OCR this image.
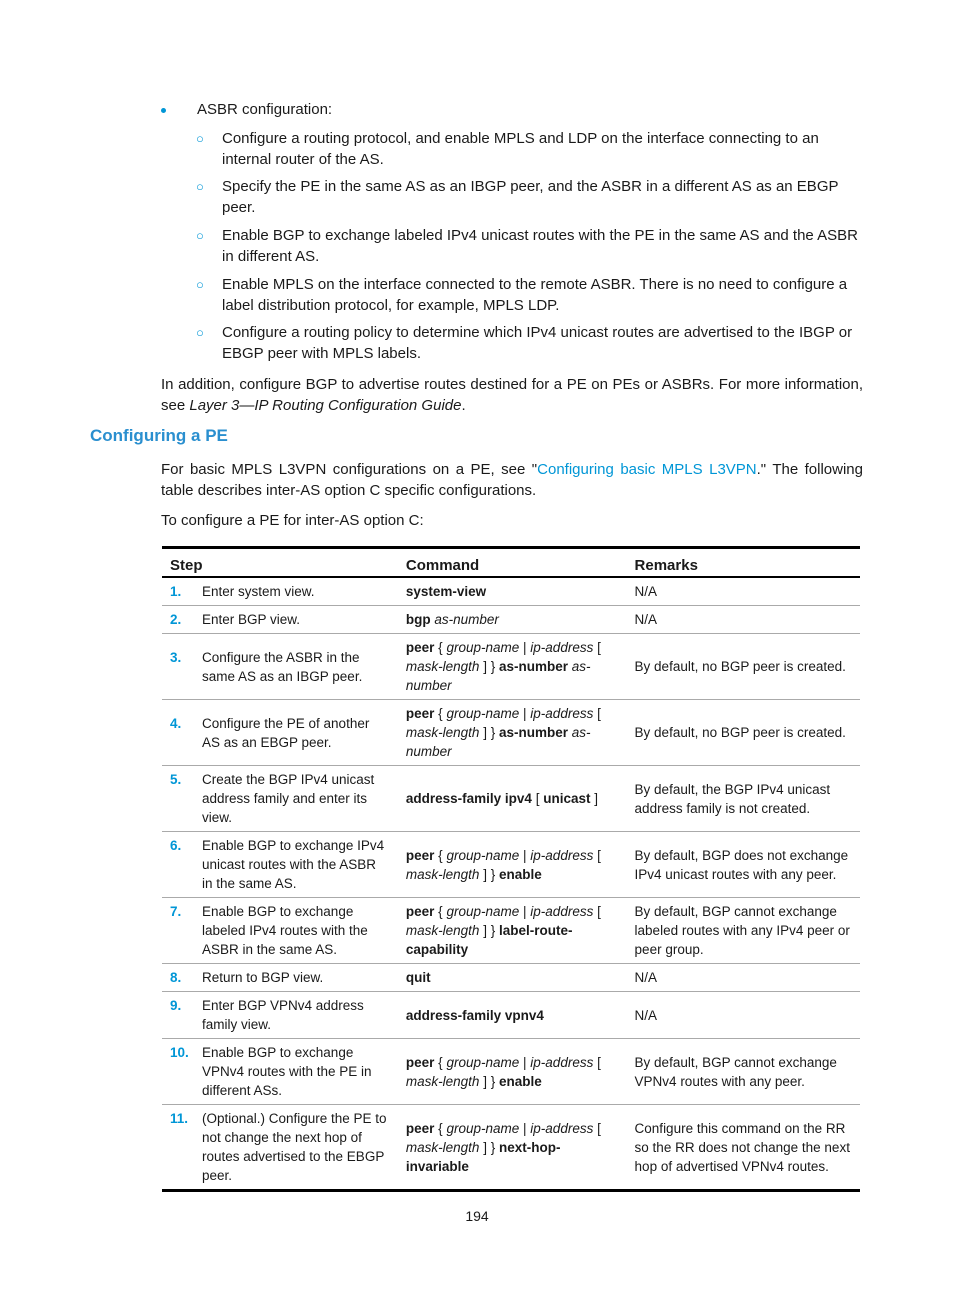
ASBR configuration:
○ Configure a routing protocol, and enable MPLS and LDP on the interface connecting to an internal router of the AS.
○ Specify the PE in the same AS as an IBGP peer, and the ASBR in a different AS as an EBGP peer.
○ Enable BGP to exchange labeled IPv4 unicast routes with the PE in the same AS and the ASBR in different AS.
○ Enable MPLS on the interface connected to the remote ASBR. There is no need to configure a label distribution protocol, for example, MPLS LDP.
○ Configure a routing policy to determine which IPv4 unicast routes are advertised to the IBGP or EBGP peer with MPLS labels.
In addition, configure BGP to advertise routes destined for a PE on PEs or ASBRs. For more information, see Layer 3—IP Routing Configuration Guide.
Configuring a PE
For basic MPLS L3VPN configurations on a PE, see "Configuring basic MPLS L3VPN." The following table describes inter-AS option C specific configurations.
To configure a PE for inter-AS option C:
Step		Command	Remarks
1.	Enter system view.	system-view	N/A
2.	Enter BGP view.	bgp as-number	N/A
3.	Configure the ASBR in the same AS as an IBGP peer.	peer { group-name | ip-address [ mask-length ] } as-number as-number	By default, no BGP peer is created.
4.	Configure the PE of another AS as an EBGP peer.	peer { group-name | ip-address [ mask-length ] } as-number as-number	By default, no BGP peer is created.
5.	Create the BGP IPv4 unicast address family and enter its view.	address-family ipv4 [ unicast ]	By default, the BGP IPv4 unicast address family is not created.
6.	Enable BGP to exchange IPv4 unicast routes with the ASBR in the same AS.	peer { group-name | ip-address [ mask-length ] } enable	By default, BGP does not exchange IPv4 unicast routes with any peer.
7.	Enable BGP to exchange labeled IPv4 routes with the ASBR in the same AS.	peer { group-name | ip-address [ mask-length ] } label-route-capability	By default, BGP cannot exchange labeled routes with any IPv4 peer or peer group.
8.	Return to BGP view.	quit	N/A
9.	Enter BGP VPNv4 address family view.	address-family vpnv4	N/A
10.	Enable BGP to exchange VPNv4 routes with the PE in different ASs.	peer { group-name | ip-address [ mask-length ] } enable	By default, BGP cannot exchange VPNv4 routes with any peer.
11.	(Optional.) Configure the PE to not change the next hop of routes advertised to the EBGP peer.	peer { group-name | ip-address [ mask-length ] } next-hop-invariable	Configure this command on the RR so the RR does not change the next hop of advertised VPNv4 routes.
194
